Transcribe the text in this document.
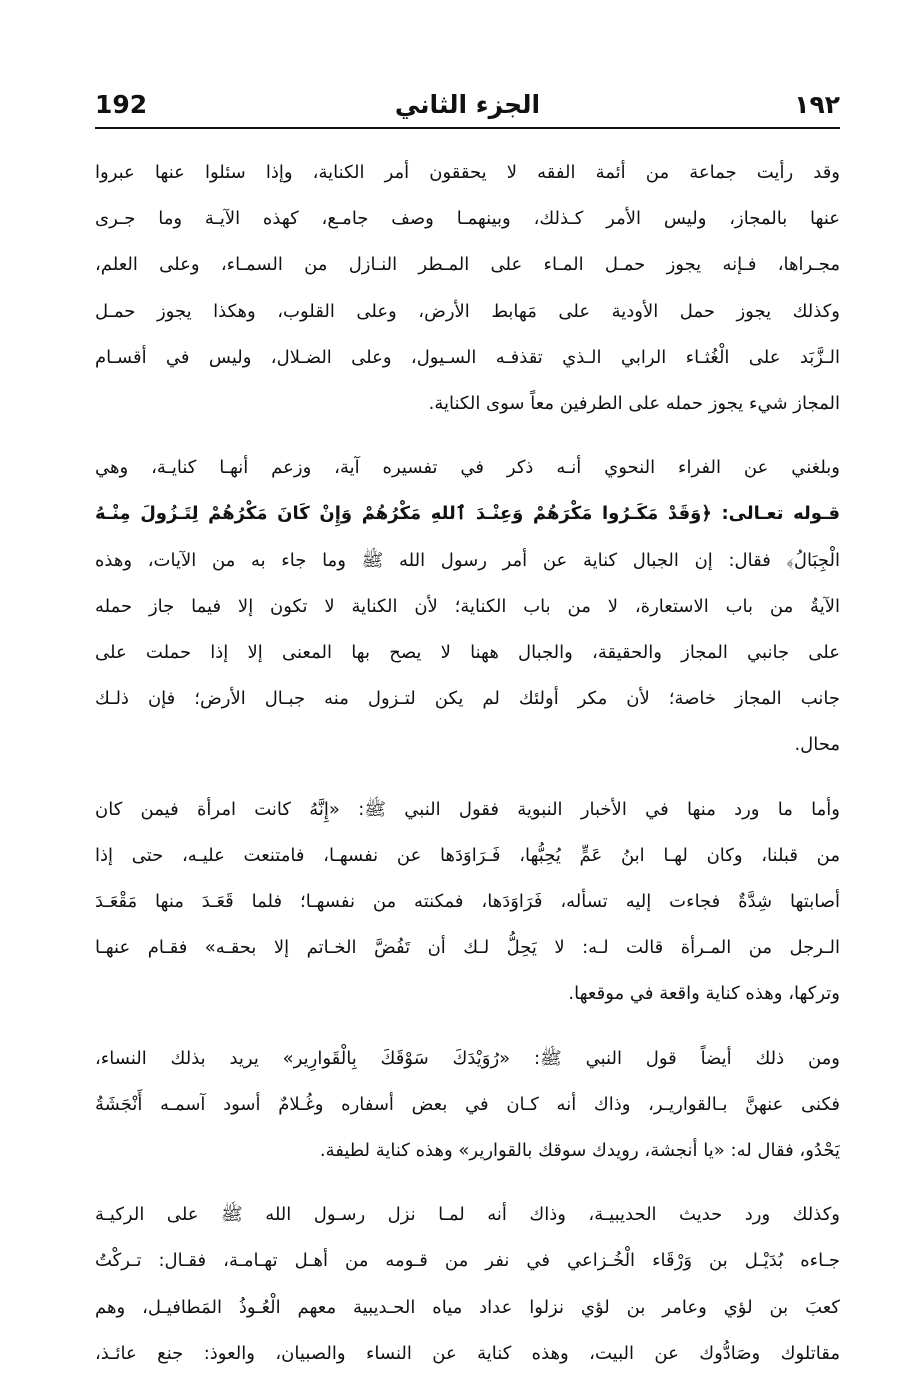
192	الجزء الثاني	١٩٢
وقد رأيت جماعة من أئمة الفقه لا يحققون أمر الكناية، وإذا سئلوا عنها عبروا
عنها بالمجاز، وليس الأمر كـذلك، وبينهمـا وصف جامـع، كهذه الآيـة وما جـرى
مجـراها، فـإنه يجوز حمـل المـاء على المـطر النـازل من السمـاء، وعلى العلم،
وكذلك يجوز حمل الأودية على مَهابط الأرض، وعلى القلوب، وهكذا يجوز حمـل
الـزَّبَد على الْغُثـاء الرابي الـذي تقذفـه السـيول، وعلى الضـلال، وليس في أقسـام
المجاز شيء يجوز حمله على الطرفين معاً سوى الكناية.
وبلغني عن الفراء النحوي أنـه ذكر في تفسيره آية، وزعم أنهـا كنايـة، وهي
قـوله تعـالى: ﴿وَقَدْ مَكَـرُوا مَكْرَهُمْ وَعِنْـدَ ٱللهِ مَكْرُهُمْ وَإِنْ كَانَ مَكْرُهُمْ لِتَـزُولَ مِنْـهُ
الْجِبَالُ﴾ فقال: إن الجبال كناية عن أمر رسول الله ﷺ وما جاء به من الآيات، وهذه
الآيةُ من باب الاستعارة، لا من باب الكناية؛ لأن الكناية لا تكون إلا فيما جاز حمله
على جانبي المجاز والحقيقة، والجبال ههنا لا يصح بها المعنى إلا إذا حملت على
جانب المجاز خاصة؛ لأن مكر أولئك لم يكن لتـزول منه جبـال الأرض؛ فإن ذلـك
محال.
وأما ما ورد منها في الأخبار النبوية فقول النبي ﷺ: «إِنَّهُ كانت امرأة فيمن كان
من قبلنا، وكان لهـا ابنُ عَمٍّ يُحِبُّها، فَـرَاوَدَها عن نفسهـا، فامتنعت عليـه، حتى إذا
أصابتها شِدَّةٌ فجاءت إليه تسأله، فَرَاوَدَها، فمكنته من نفسهـا؛ فلما قَعَـدَ منها مَقْعَـدَ
الـرجل من المـرأة قالت لـه: لا يَحِلُّ لـك أن تَفُضَّ الخـاتم إلا بحقـه» فقـام عنهـا
وتركها، وهذه كناية واقعة في موقعها.
ومن ذلك أيضاً قول النبي ﷺ: «رُوَيْدَكَ سَوْقَكَ بِالْقَوارِير» يريد بذلك النساء،
فكنى عنهنَّ بـالقواريـر، وذاك أنه كـان في بعض أسفاره وغُـلامٌ أسود آسمـه أَنْجَشَةُ
يَحْدُو، فقال له: «يا أنجشة، رويدك سوقك بالقوارير» وهذه كناية لطيفة.
وكذلك ورد حديث الحديبيـة، وذاك أنه لمـا نزل رسـول الله ﷺ على الركيـة
جـاءه بُدَيْـل بن وَرْقَاء الْخُـزاعي في نفر من قـومه من أهـل تهـامـة، فقـال: تـركْتُ
كعبَ بن لؤي وعامر بن لؤي نزلوا عداد مياه الحـديبية معهم الْعُـوذُ المَطافيـل، وهم
مقاتلوك وصَادُّوك عن البيت، وهذه كناية عن النساء والصبيان، والعوذ: جنع عائـذ،
